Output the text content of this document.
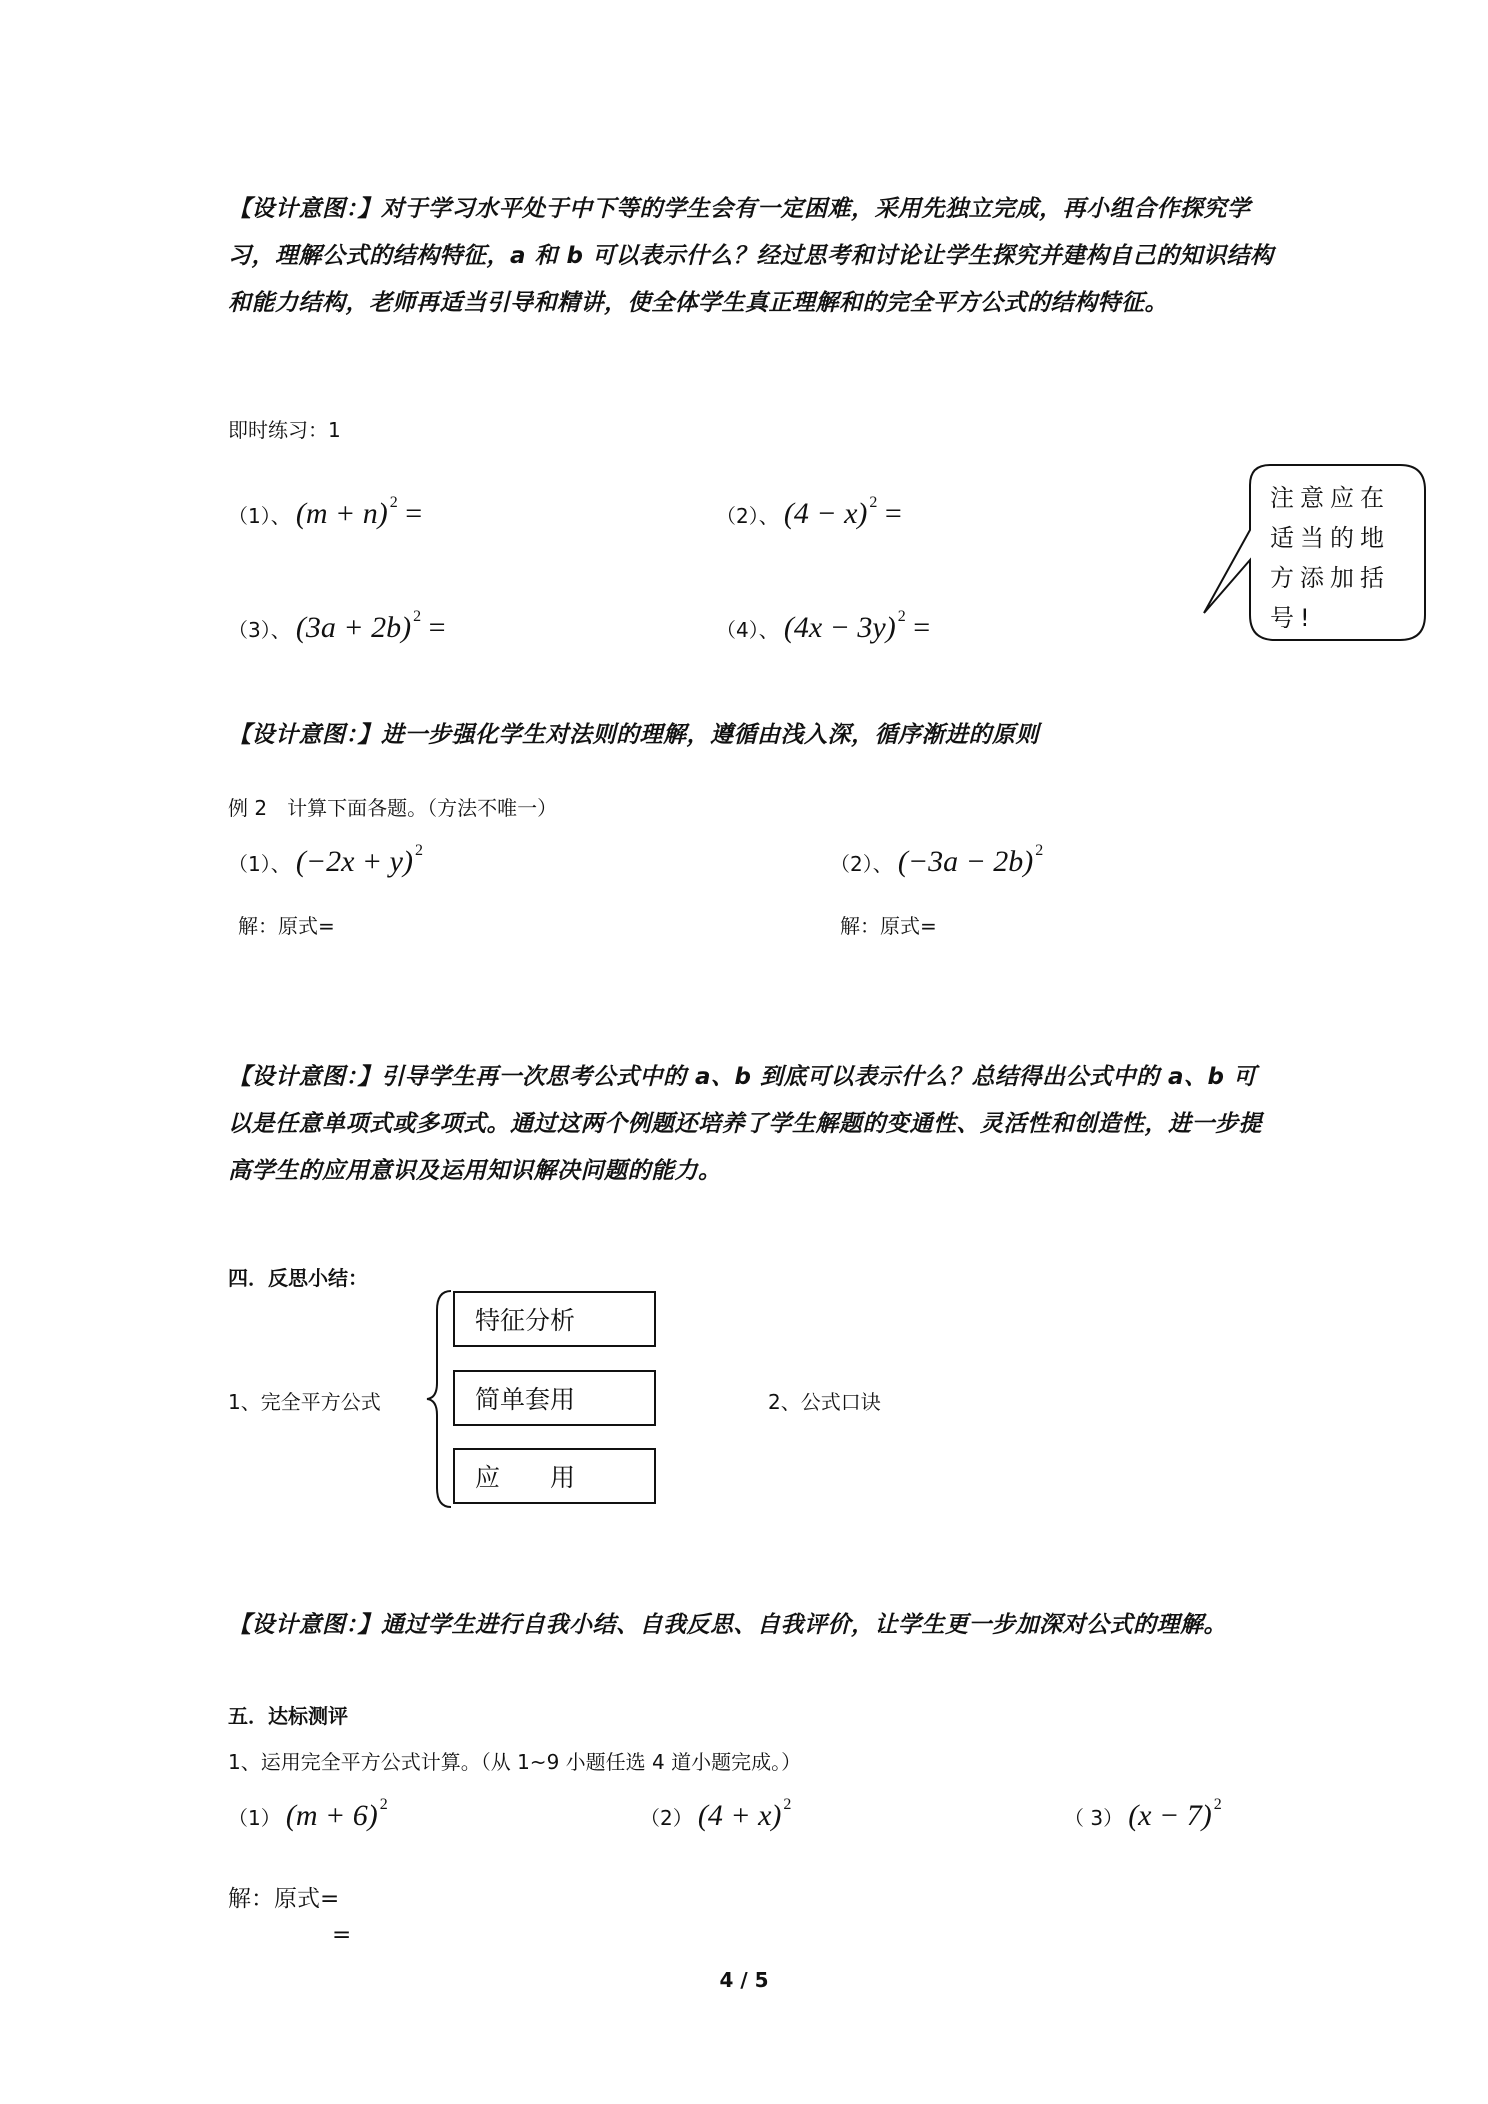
【设计意图：】对于学习水平处于中下等的学生会有一定困难，采用先独立完成，再小组合作探究学习，理解公式的结构特征，a 和 b 可以表示什么？经过思考和讨论让学生探究并建构自己的知识结构和能力结构，老师再适当引导和精讲，使全体学生真正理解和的完全平方公式的结构特征。
即时练习：1
（1）、 (m + n) $^2$ =	（2）、 (4 − x) $^2$ =
（3）、 (3a + 2b) $^2$ =	（4）、 (4x − 3y) $^2$ =
注意应在适当的地方添加括号!
【设计意图：】进一步强化学生对法则的理解，遵循由浅入深，循序渐进的原则
例 2　计算下面各题。（方法不唯一）
（1）、 (−2x + y) $^2$
解：原式=
（2）、 (−3a − 2b) $^2$
解：原式=
【设计意图：】引导学生再一次思考公式中的 a、b 到底可以表示什么？总结得出公式中的 a、b 可以是任意单项式或多项式。通过这两个例题还培养了学生解题的变通性、灵活性和创造性，进一步提高学生的应用意识及运用知识解决问题的能力。
四．反思小结：
1、完全平方公式
特征分析
简单套用
应　　用
2、公式口诀
【设计意图：】通过学生进行自我小结、自我反思、自我评价，让学生更一步加深对公式的理解。
五．达标测评
1、运用完全平方公式计算。（从 1~9 小题任选 4 道小题完成。）
（1） (m + 6) $^2$
（2） (4 + x) $^2$
（ 3） (x − 7) $^2$
解：原式=
=
4 / 5
